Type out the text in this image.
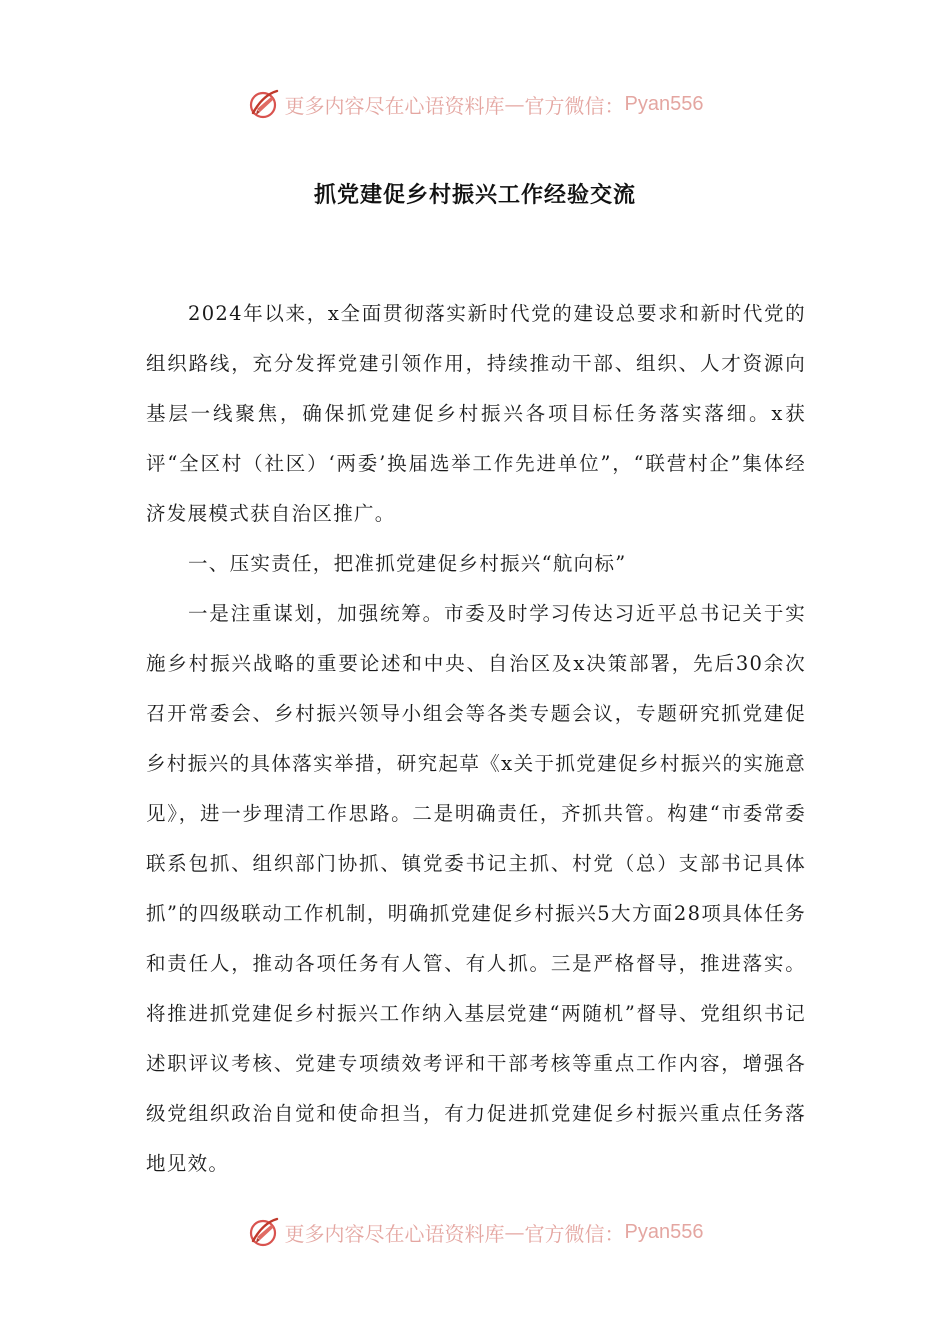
更多内容尽在心语资料库 — 官方微信： Pyan556
抓党建促乡村振兴工作经验交流

2024年以来，x全面贯彻落实新时代党的建设总要求和新时代党的组织路线，充分发挥党建引领作用，持续推动干部、组织、人才资源向基层一线聚焦，确保抓党建促乡村振兴各项目标任务落实落细。x获评“全区村（社区）‘两委’换届选举工作先进单位”，“联营村企”集体经济发展模式获自治区推广。

一、压实责任，把准抓党建促乡村振兴“航向标”

一是注重谋划，加强统筹。市委及时学习传达习近平总书记关于实施乡村振兴战略的重要论述和中央、自治区及x决策部署，先后30余次召开常委会、乡村振兴领导小组会等各类专题会议，专题研究抓党建促乡村振兴的具体落实举措，研究起草《x关于抓党建促乡村振兴的实施意见》，进一步理清工作思路。二是明确责任，齐抓共管。构建“市委常委联系包抓、组织部门协抓、镇党委书记主抓、村党（总）支部书记具体抓”的四级联动工作机制，明确抓党建促乡村振兴5大方面28项具体任务和责任人，推动各项任务有人管、有人抓。三是严格督导，推进落实。将推进抓党建促乡村振兴工作纳入基层党建“两随机”督导、党组织书记述职评议考核、党建专项绩效考评和干部考核等重点工作内容，增强各级党组织政治自觉和使命担当，有力促进抓党建促乡村振兴重点任务落地见效。

更多内容尽在心语资料库 — 官方微信： Pyan556
